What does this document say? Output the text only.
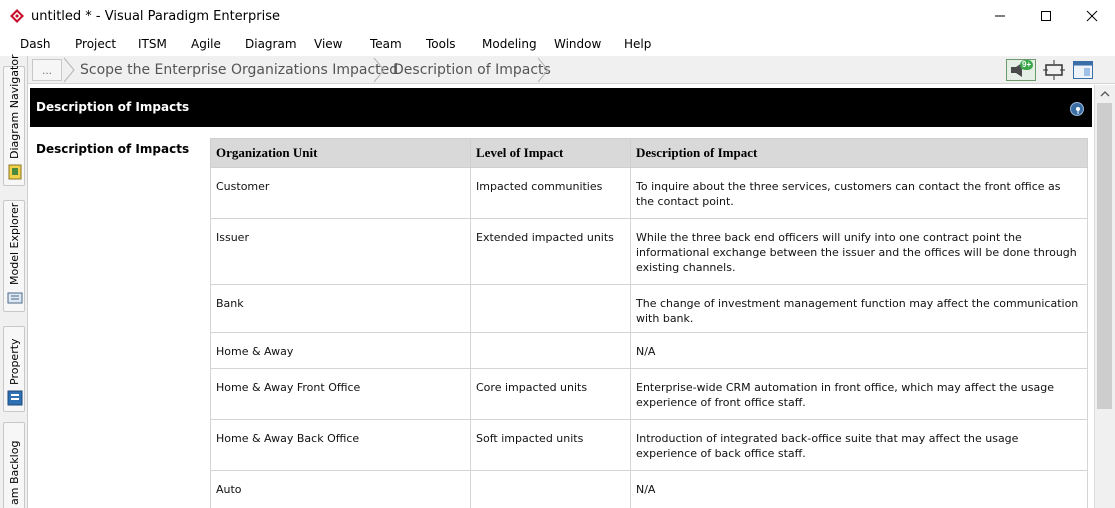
untitled * - Visual Paradigm Enterprise
Dash Project ITSM Agile Diagram View Team Tools Modeling Window Help
Diagram Navigator
Model Explorer
Property
am Backlog
...	Scope the Enterprise Organizations Impacted
Description of Impacts	9+
Description of Impacts
Description of Impacts Organization Unit	Level of Impact	Description of Impact
Customer	Impacted communities	To inquire about the three services, customers can contact the front office as the contact point.
Issuer	Extended impacted units	While the three back end officers will unify into one contract point the informational exchange between the issuer and the offices will be done through existing channels.
Bank		The change of investment management function may affect the communication with bank.
Home & Away		N/A
Home & Away Front Office	Core impacted units	Enterprise-wide CRM automation in front office, which may affect the usage experience of front office staff.
Home & Away Back Office	Soft impacted units	Introduction of integrated back-office suite that may affect the usage experience of back office staff.
Auto		N/A
